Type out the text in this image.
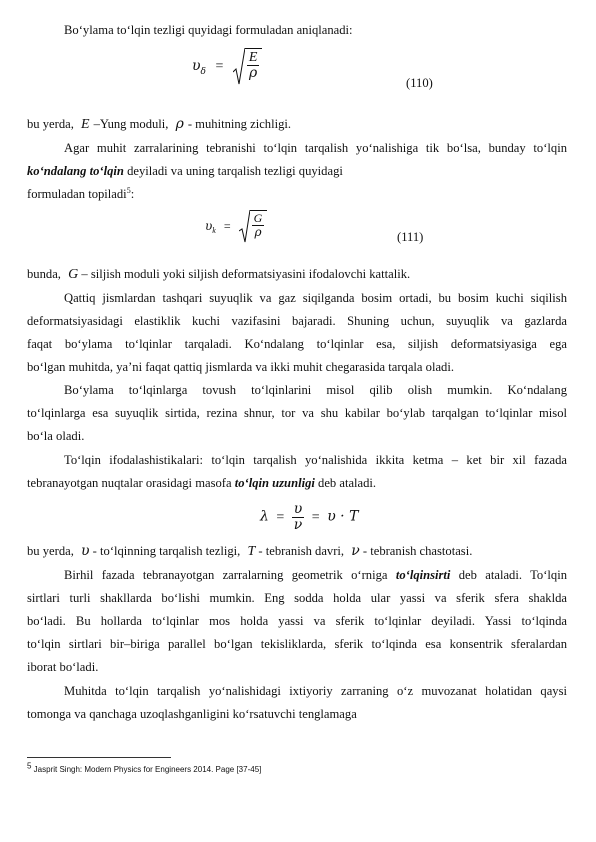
Bo‘ylama to‘lqin tezligi quyidagi formuladan aniqlanadi:
$\upsilon_\delta = \frac{E}{\rho}$
(110)
bu yerda, E –Yung moduli, ρ - muhitning zichligi.
Agar muhit zarralarining tebranishi to‘lqin tarqalish yo‘nalishiga tik bo‘lsa, bunday to‘lqin
ko‘ndalang to‘lqin deyiladi va uning tarqalish tezligi quyidagi
formuladan topiladi$^5$:
$\upsilon_k = \frac{G}{\rho}$	(111)
bunda, G – siljish moduli yoki siljish deformatsiyasini ifodalovchi kattalik.
Qattiq jismlardan tashqari suyuqlik va gaz siqilganda bosim ortadi, bu bosim kuchi siqilish
deformatsiyasidagi elastiklik kuchi vazifasini bajaradi. Shuning uchun, suyuqlik va gazlarda
faqat bo‘ylama to‘lqinlar tarqaladi. Ko‘ndalang to‘lqinlar esa, siljish deformatsiyasiga ega
bo‘lgan muhitda, ya’ni faqat qattiq jismlarda va ikki muhit chegarasida tarqala oladi.
Bo‘ylama to‘lqinlarga tovush to‘lqinlarini misol qilib olish mumkin. Ko‘ndalang
to‘lqinlarga esa suyuqlik sirtida, rezina shnur, tor va shu kabilar bo‘ylab tarqalgan to‘lqinlar misol
bo‘la oladi.
To‘lqin ifodalashistikalari: to‘lqin tarqalish yo‘nalishida ikkita ketma – ket bir xil fazada
tebranayotgan nuqtalar orasidagi masofa to‘lqin uzunligi deb ataladi.
$\lambda = \frac{\upsilon}{\nu} = \upsilon \cdot T$
bu yerda, υ - to‘lqinning tarqalish tezligi, T - tebranish davri, ν - tebranish chastotasi.
Birhil fazada tebranayotgan zarralarning geometrik o‘rniga to‘lqinsirti deb ataladi. To‘lqin
sirtlari turli shakllarda bo‘lishi mumkin. Eng sodda holda ular yassi va sferik sfera shaklda
bo‘ladi. Bu hollarda to‘lqinlar mos holda yassi va sferik to‘lqinlar deyiladi. Yassi to‘lqinda
to‘lqin sirtlari bir–biriga parallel bo‘lgan tekisliklarda, sferik to‘lqinda esa konsentrik sferalardan
iborat bo‘ladi.
Muhitda to‘lqin tarqalish yo‘nalishidagi ixtiyoriy zarraning o‘z muvozanat holatidan qaysi
tomonga va qanchaga uzoqlashganligini ko‘rsatuvchi tenglamaga
$^5$ Jasprit Singh: Modern Physics for Engineers 2014. Page [37-45]
